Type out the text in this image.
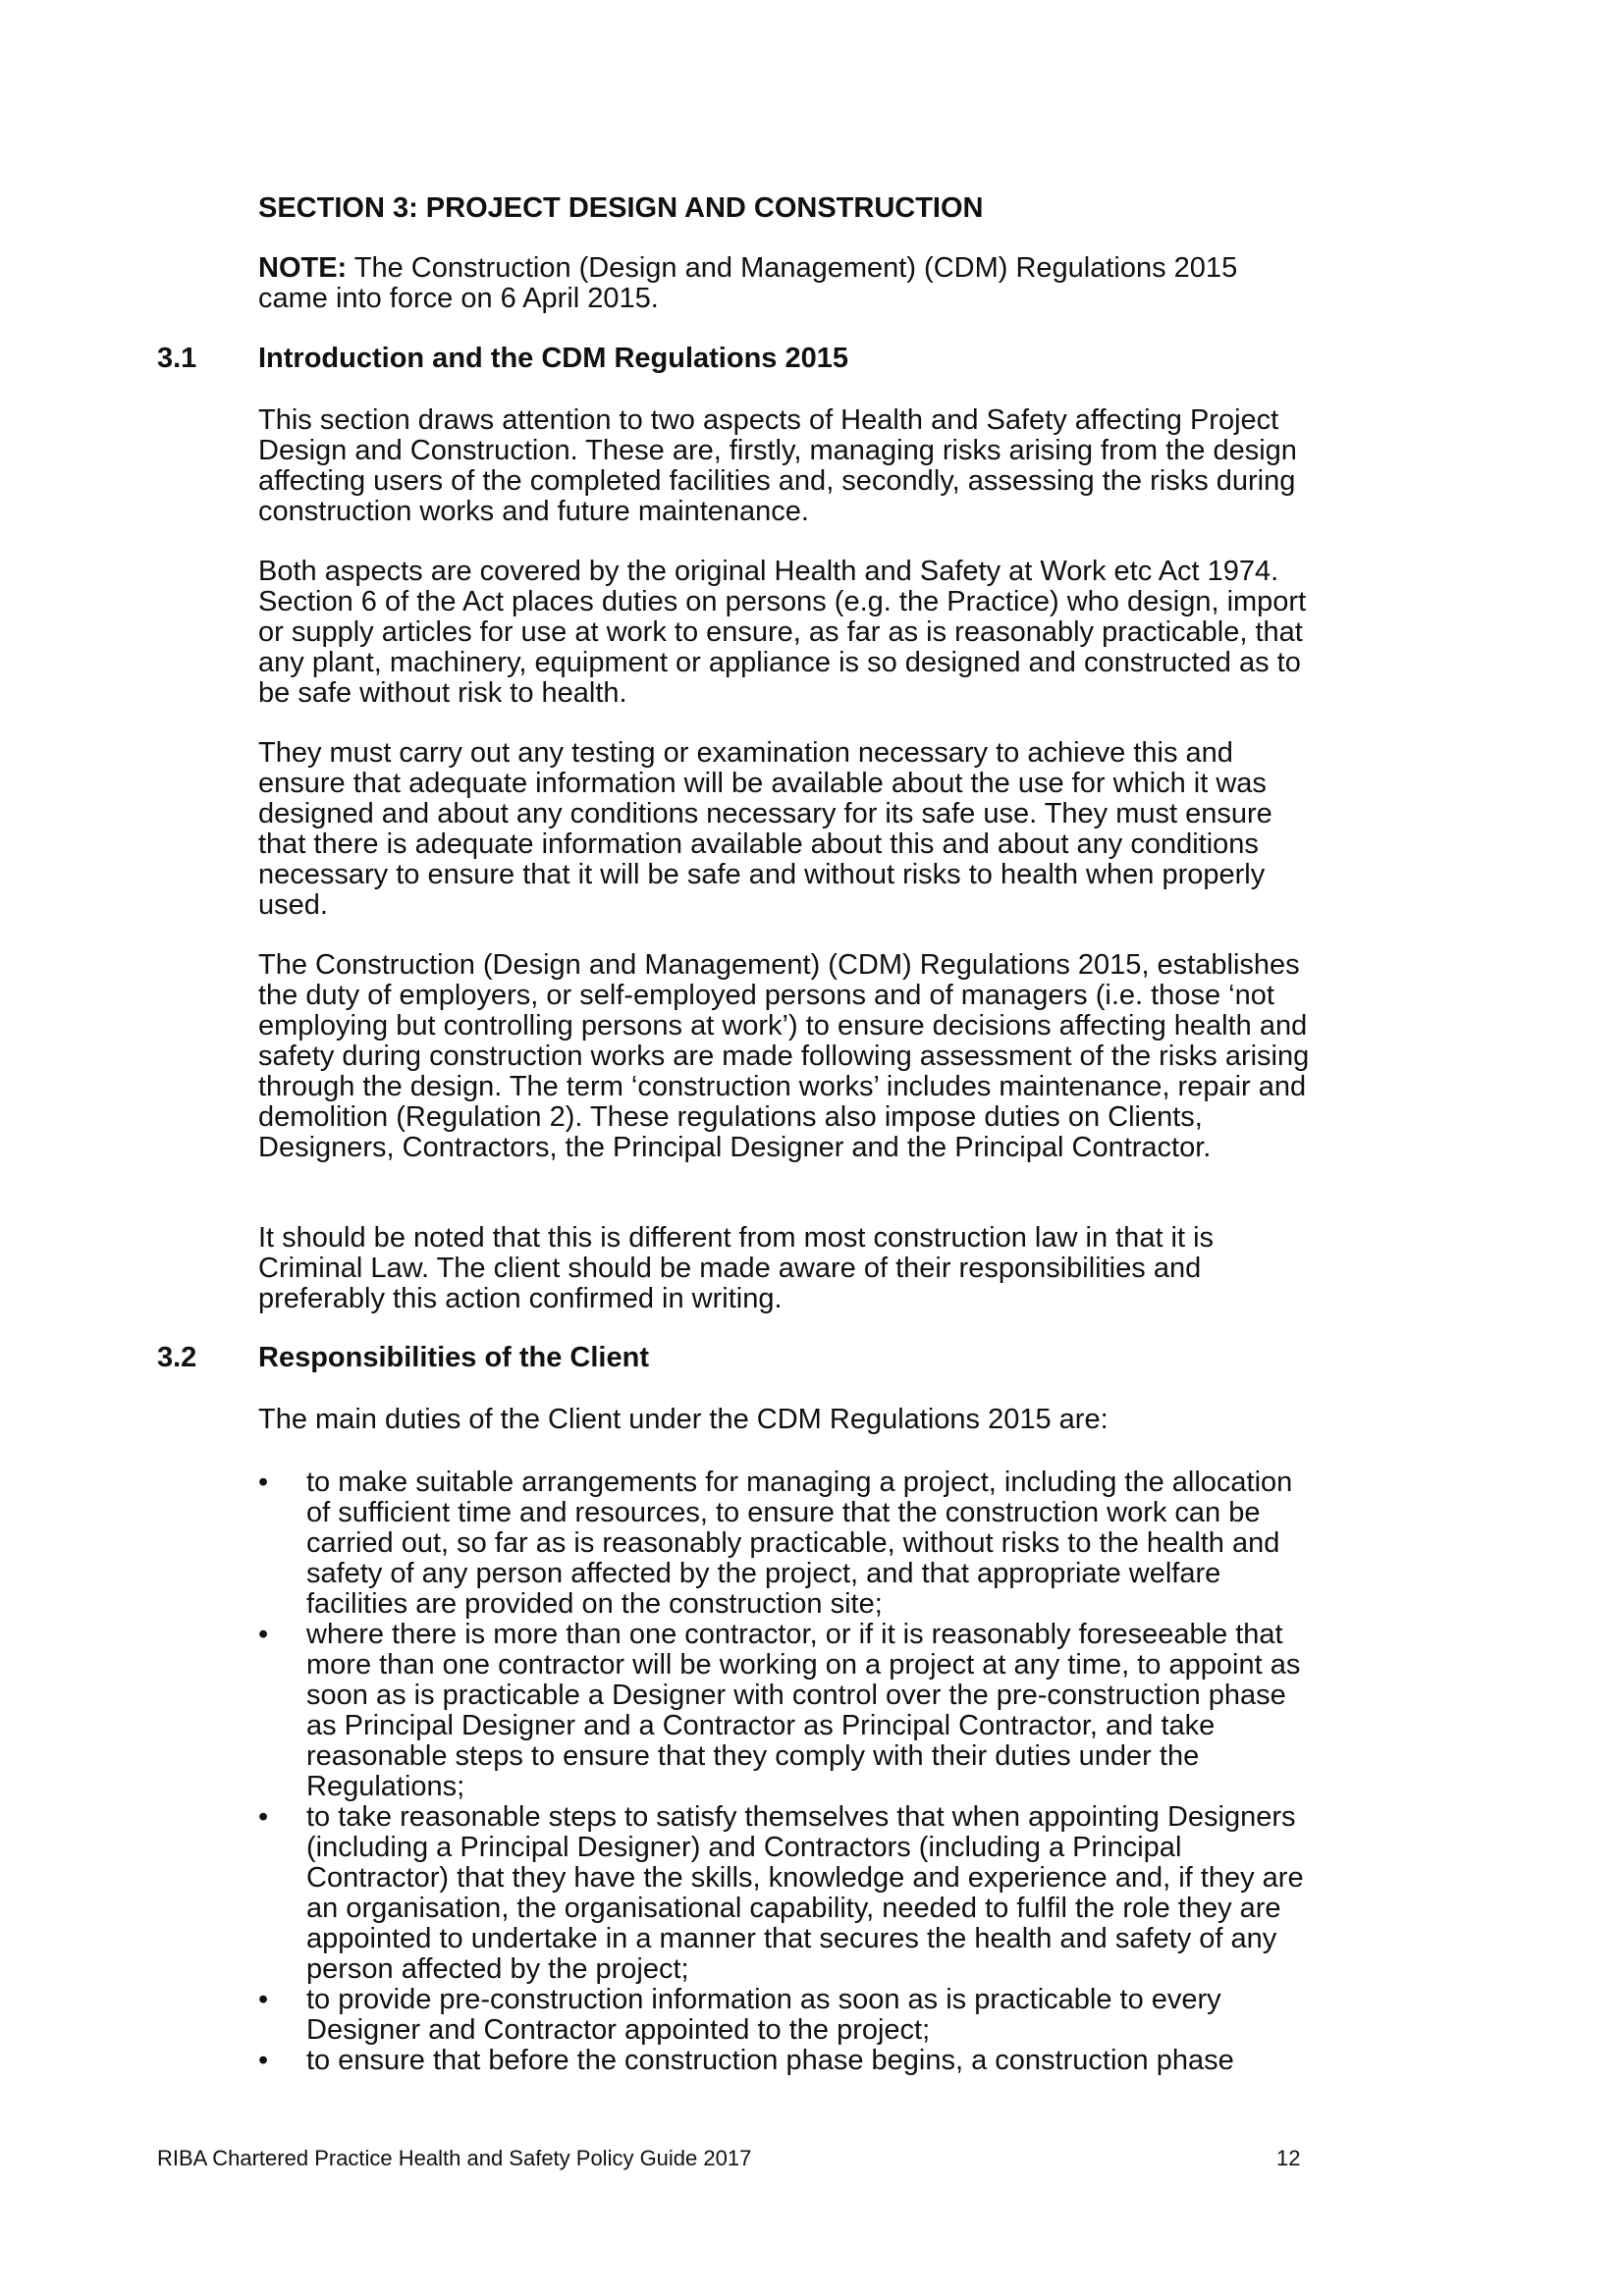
SECTION 3: PROJECT DESIGN AND CONSTRUCTION

NOTE: The Construction (Design and Management) (CDM) Regulations 2015 came into force on 6 April 2015.

3.1 Introduction and the CDM Regulations 2015

This section draws attention to two aspects of Health and Safety affecting Project Design and Construction. These are, firstly, managing risks arising from the design affecting users of the completed facilities and, secondly, assessing the risks during construction works and future maintenance.

Both aspects are covered by the original Health and Safety at Work etc Act 1974. Section 6 of the Act places duties on persons (e.g. the Practice) who design, import or supply articles for use at work to ensure, as far as is reasonably practicable, that any plant, machinery, equipment or appliance is so designed and constructed as to be safe without risk to health.

They must carry out any testing or examination necessary to achieve this and ensure that adequate information will be available about the use for which it was designed and about any conditions necessary for its safe use. They must ensure that there is adequate information available about this and about any conditions necessary to ensure that it will be safe and without risks to health when properly used.

The Construction (Design and Management) (CDM) Regulations 2015, establishes the duty of employers, or self-employed persons and of managers (i.e. those ‘not employing but controlling persons at work’) to ensure decisions affecting health and safety during construction works are made following assessment of the risks arising through the design. The term ‘construction works’ includes maintenance, repair and demolition (Regulation 2). These regulations also impose duties on Clients, Designers, Contractors, the Principal Designer and the Principal Contractor.

It should be noted that this is different from most construction law in that it is Criminal Law. The client should be made aware of their responsibilities and preferably this action confirmed in writing.

3.2 Responsibilities of the Client

The main duties of the Client under the CDM Regulations 2015 are:

•	to make suitable arrangements for managing a project, including the allocation of sufficient time and resources, to ensure that the construction work can be carried out, so far as is reasonably practicable, without risks to the health and safety of any person affected by the project, and that appropriate welfare facilities are provided on the construction site;
•	where there is more than one contractor, or if it is reasonably foreseeable that more than one contractor will be working on a project at any time, to appoint as soon as is practicable a Designer with control over the pre-construction phase as Principal Designer and a Contractor as Principal Contractor, and take reasonable steps to ensure that they comply with their duties under the Regulations;
•	to take reasonable steps to satisfy themselves that when appointing Designers (including a Principal Designer) and Contractors (including a Principal Contractor) that they have the skills, knowledge and experience and, if they are an organisation, the organisational capability, needed to fulfil the role they are appointed to undertake in a manner that secures the health and safety of any person affected by the project;
•	to provide pre-construction information as soon as is practicable to every Designer and Contractor appointed to the project;
•	to ensure that before the construction phase begins, a construction phase

RIBA Chartered Practice Health and Safety Policy Guide 2017	12
